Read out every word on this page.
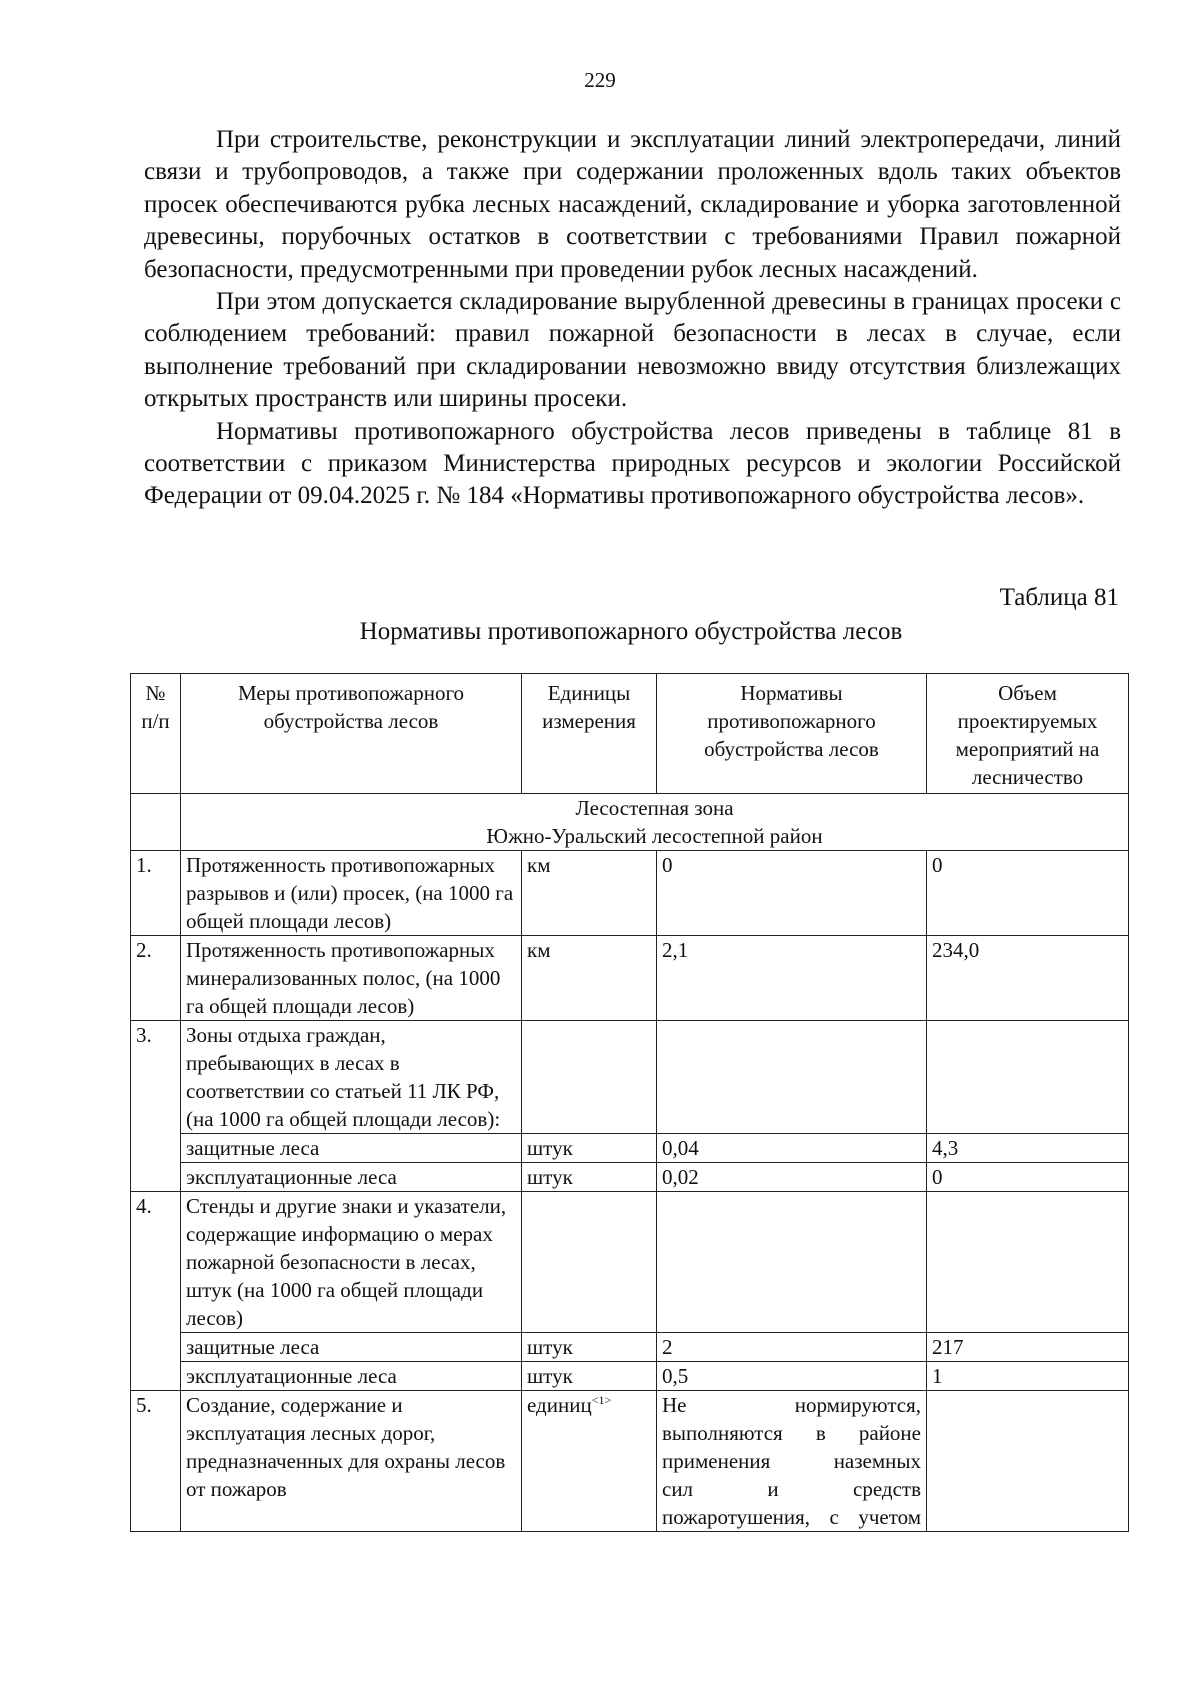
229

При строительстве, реконструкции и эксплуатации линий электропередачи, линий связи и трубопроводов, а также при содержании проложенных вдоль таких объектов просек обеспечиваются рубка лесных насаждений, складирование и уборка заготовленной древесины, порубочных остатков в соответствии с требованиями Правил пожарной безопасности, предусмотренными при проведении рубок лесных насаждений.

При этом допускается складирование вырубленной древесины в границах просеки с соблюдением требований: правил пожарной безопасности в лесах в случае, если выполнение требований при складировании невозможно ввиду отсутствия близлежащих открытых пространств или ширины просеки.

Нормативы противопожарного обустройства лесов приведены в таблице 81 в соответствии с приказом Министерства природных ресурсов и экологии Российской Федерации от 09.04.2025 г. № 184 «Нормативы противопожарного обустройства лесов».

Таблица 81
Нормативы противопожарного обустройства лесов
№ п/п	Меры противопожарного обустройства лесов	Единицы измерения	Нормативы противопожарного обустройства лесов	Объем проектируемых мероприятий на лесничество

	Лесостепная зона
Южно-Уральский лесостепной район			

1.	Протяженность противопожарных разрывов и (или) просек, (на 1000 га общей площади лесов)	км	0	0
2.	Протяженность противопожарных минерализованных полос, (на 1000 га общей площади лесов)	км	2,1	234,0
3.	Зоны отдыха граждан, пребывающих в лесах в соответствии со статьей 11 ЛК РФ, (на 1000 га общей площади лесов):			
	защитные леса	штук	0,04	4,3
	эксплуатационные леса	штук	0,02	0
4.	Стенды и другие знаки и указатели, содержащие информацию о мерах пожарной безопасности в лесах, штук (на 1000 га общей площади лесов)			
	защитные леса	штук	2	217
	эксплуатационные леса	штук	0,5	1
5.	Создание, содержание и эксплуатация лесных дорог, предназначенных для охраны лесов от пожаров	единиц$^{<1>}$	Не нормируются,
выполняются в районе
применения наземных
сил и средств
пожаротушения, с учетом	
